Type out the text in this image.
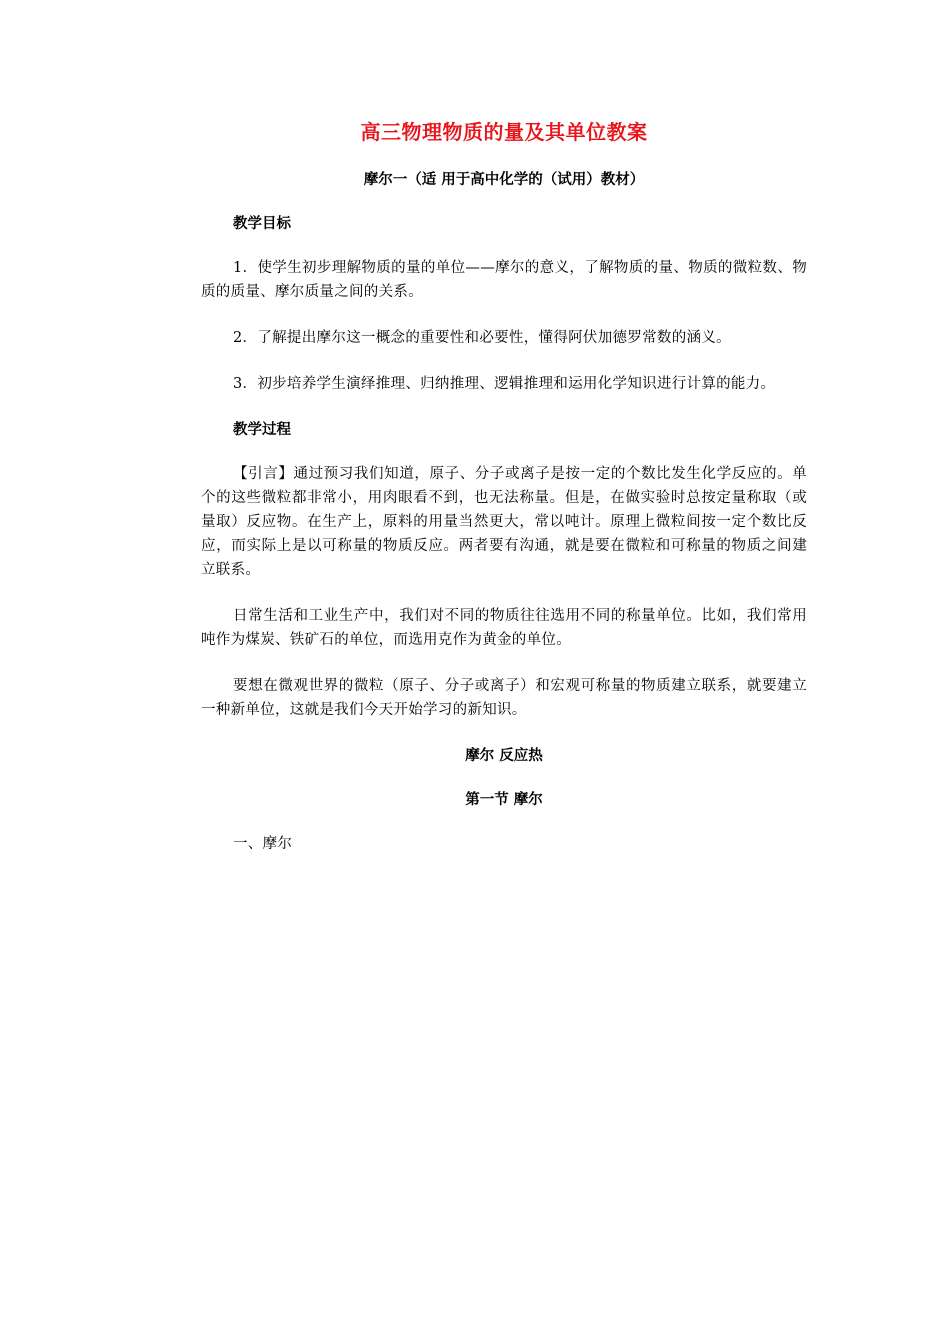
高三物理物质的量及其单位教案
摩尔一（适 用于高中化学的（试用）教材）
教学目标

1．使学生初步理解物质的量的单位——摩尔的意义，了解物质的量、物质的微粒数、物质的质量、摩尔质量之间的关系。

2．了解提出摩尔这一概念的重要性和必要性，懂得阿伏加德罗常数的涵义。

3．初步培养学生演绎推理、归纳推理、逻辑推理和运用化学知识进行计算的能力。

教学过程

【引言】通过预习我们知道，原子、分子或离子是按一定的个数比发生化学反应的。单个的这些微粒都非常小，用肉眼看不到，也无法称量。但是，在做实验时总按定量称取（或量取）反应物。在生产上，原料的用量当然更大，常以吨计。原理上微粒间按一定个数比反应，而实际上是以可称量的物质反应。两者要有沟通，就是要在微粒和可称量的物质之间建立联系。

日常生活和工业生产中，我们对不同的物质往往选用不同的称量单位。比如，我们常用吨作为煤炭、铁矿石的单位，而选用克作为黄金的单位。

要想在微观世界的微粒（原子、分子或离子）和宏观可称量的物质建立联系，就要建立一种新单位，这就是我们今天开始学习的新知识。

摩尔 反应热
第一节 摩尔

一、摩尔
